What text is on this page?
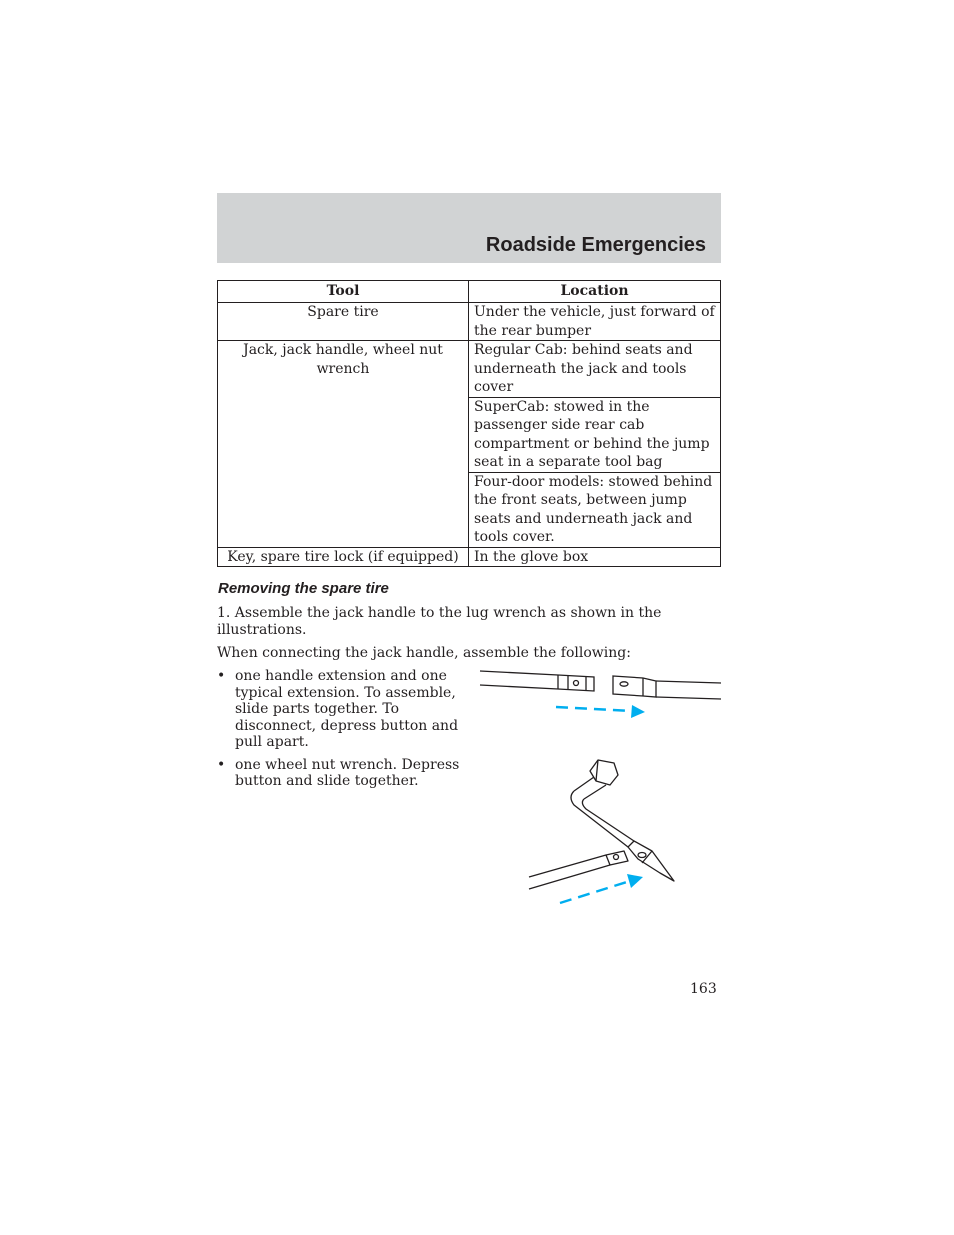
Roadside Emergencies
Tool	Location
Spare tire	Under the vehicle, just forward of the rear bumper
Jack, jack handle, wheel nut wrench	Regular Cab: behind seats and underneath the jack and tools cover
	SuperCab: stowed in the passenger side rear cab compartment or behind the jump seat in a separate tool bag
	Four-door models: stowed behind the front seats, between jump seats and underneath jack and tools cover.
Key, spare tire lock (if equipped)	In the glove box
Removing the spare tire
1. Assemble the jack handle to the lug wrench as shown in the illustrations.
When connecting the jack handle, assemble the following:
• one handle extension and one typical extension. To assemble, slide parts together. To disconnect, depress button and pull apart.
• one wheel nut wrench. Depress button and slide together.
163
